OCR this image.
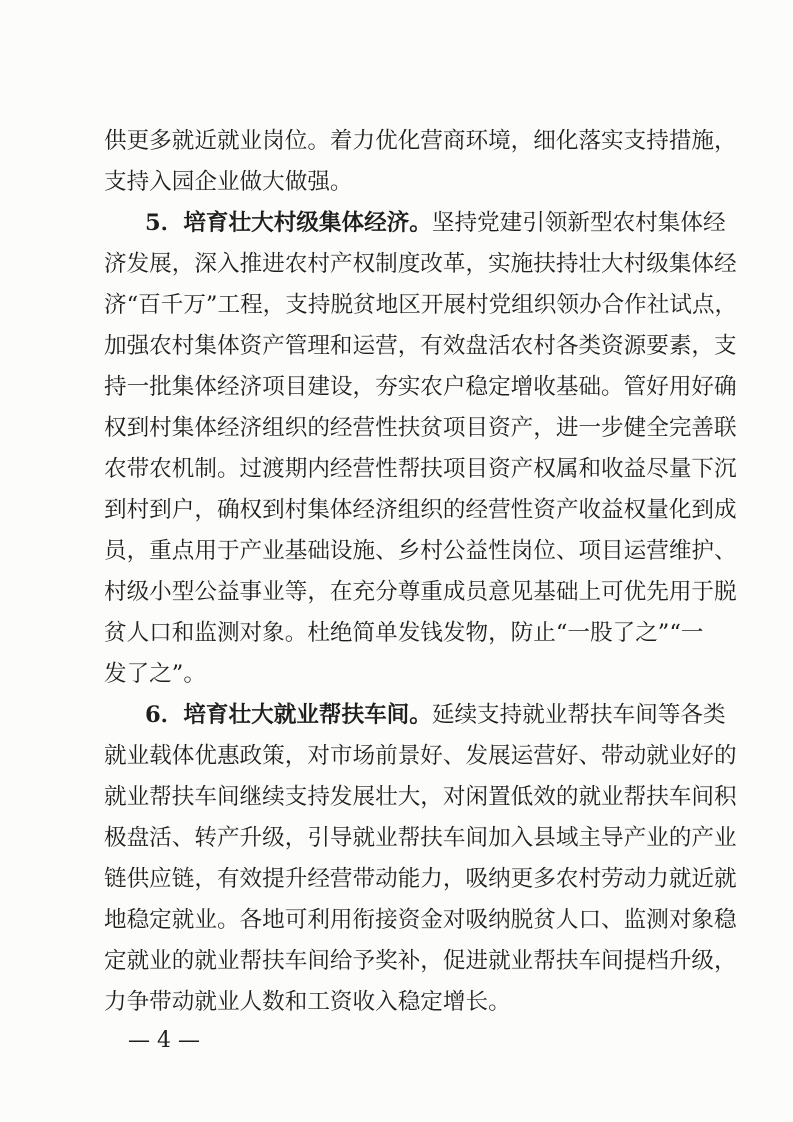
供更多就近就业岗位。着力优化营商环境，细化落实支持措施，
支持入园企业做大做强。
5．培育壮大村级集体经济。坚持党建引领新型农村集体经
济发展，深入推进农村产权制度改革，实施扶持壮大村级集体经
济“百千万”工程，支持脱贫地区开展村党组织领办合作社试点，
加强农村集体资产管理和运营，有效盘活农村各类资源要素，支
持一批集体经济项目建设，夯实农户稳定增收基础。管好用好确
权到村集体经济组织的经营性扶贫项目资产，进一步健全完善联
农带农机制。过渡期内经营性帮扶项目资产权属和收益尽量下沉
到村到户，确权到村集体经济组织的经营性资产收益权量化到成
员，重点用于产业基础设施、乡村公益性岗位、项目运营维护、
村级小型公益事业等，在充分尊重成员意见基础上可优先用于脱
贫人口和监测对象。杜绝简单发钱发物，防止“一股了之”“一
发了之”。
6．培育壮大就业帮扶车间。延续支持就业帮扶车间等各类
就业载体优惠政策，对市场前景好、发展运营好、带动就业好的
就业帮扶车间继续支持发展壮大，对闲置低效的就业帮扶车间积
极盘活、转产升级，引导就业帮扶车间加入县域主导产业的产业
链供应链，有效提升经营带动能力，吸纳更多农村劳动力就近就
地稳定就业。各地可利用衔接资金对吸纳脱贫人口、监测对象稳
定就业的就业帮扶车间给予奖补，促进就业帮扶车间提档升级，
力争带动就业人数和工资收入稳定增长。
— 4 —
